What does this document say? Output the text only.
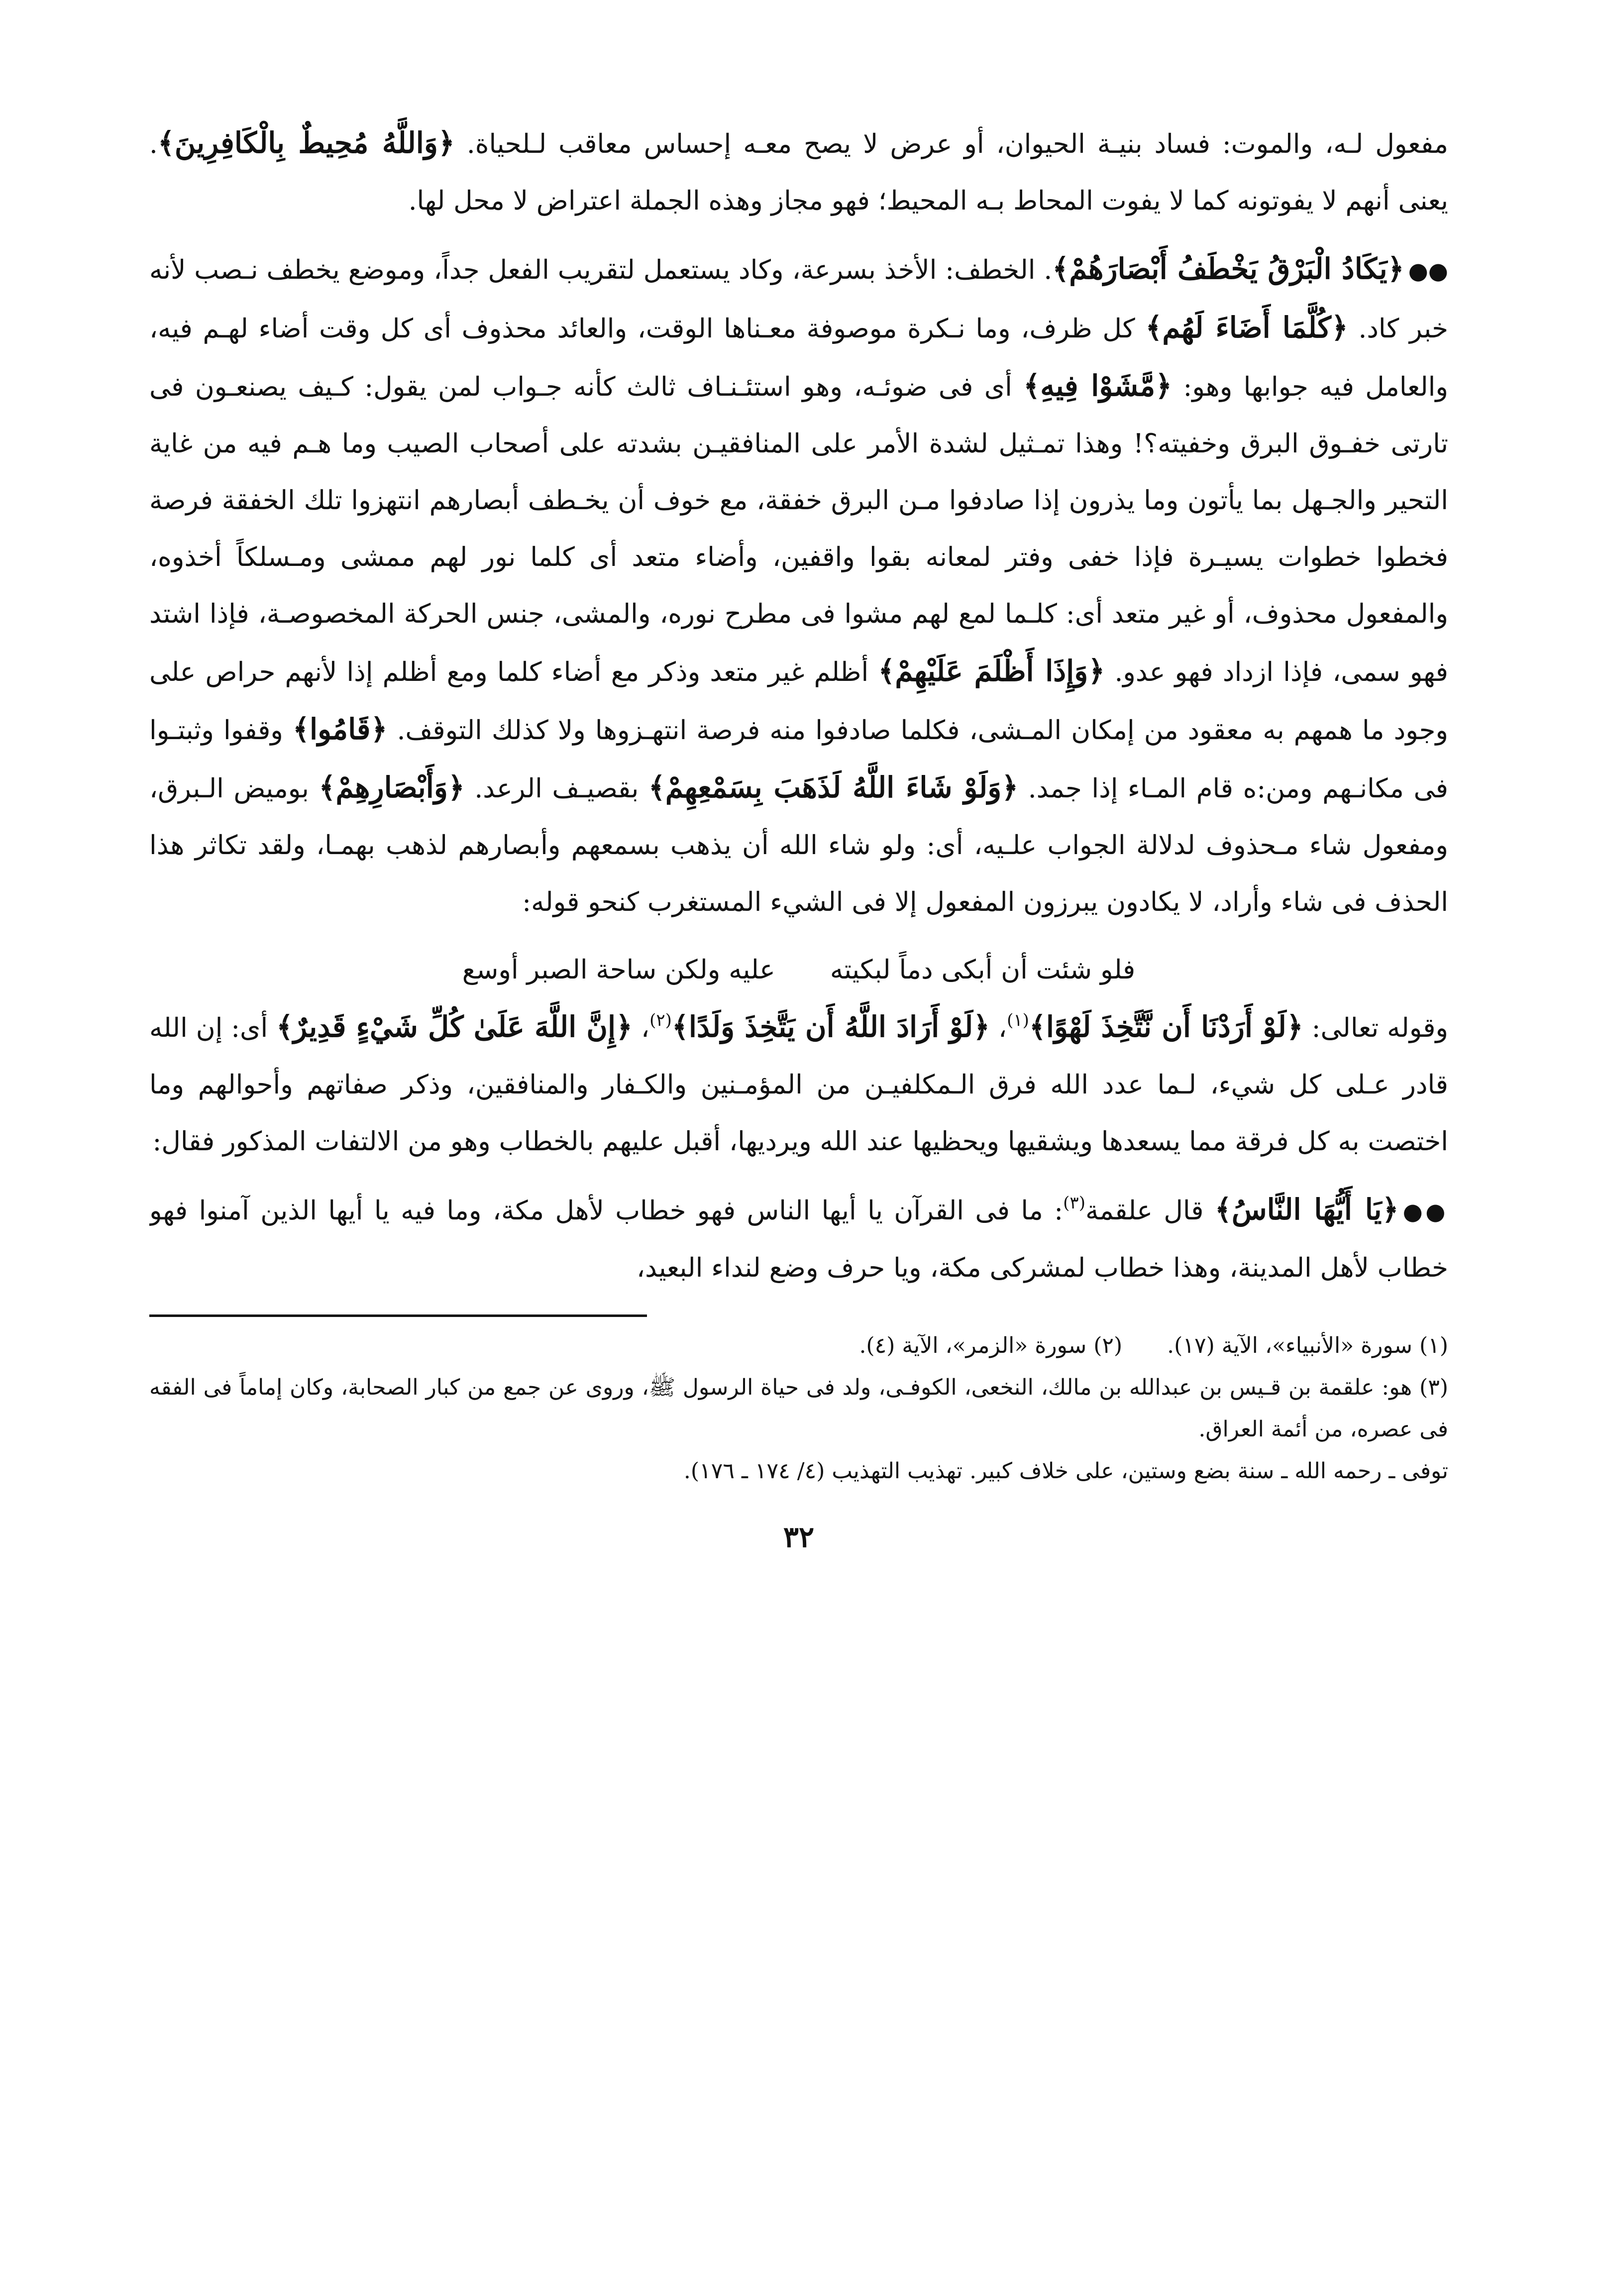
مفعول لـه، والموت: فساد بنيـة الحيوان، أو عرض لا يصح معـه إحساس معاقب لـلحياة. ﴿وَاللَّهُ مُحِيطٌ بِالْكَافِرِينَ﴾. يعنى أنهم لا يفوتونه كما لا يفوت المحاط بـه المحيط؛ فهو مجاز وهذه الجملة اعتراض لا محل لها.

●●﴿يَكَادُ الْبَرْقُ يَخْطَفُ أَبْصَارَهُمْ﴾. الخطف: الأخذ بسرعة، وكاد يستعمل لتقريب الفعل جداً، وموضع يخطف نـصب لأنه خبر كاد. ﴿كُلَّمَا أَضَاءَ لَهُم﴾ كل ظرف، وما نـكرة موصوفة معـناها الوقت، والعائد محذوف أى كل وقت أضاء لهـم فيه، والعامل فيه جوابها وهو: ﴿مَّشَوْا فِيهِ﴾ أى فى ضوئـه، وهو استئـنـاف ثالث كأنه جـواب لمن يقول: كـيف يصنعـون فى تارتى خفـوق البرق وخفيته؟! وهذا تمـثيل لشدة الأمر على المنافقيـن بشدته على أصحاب الصيب وما هـم فيه من غاية التحير والجـهل بما يأتون وما يذرون إذا صادفوا مـن البرق خفقة، مع خوف أن يخـطف أبصارهم انتهزوا تلك الخفقة فرصة فخطوا خطوات يسيـرة فإذا خفى وفتر لمعانه بقوا واقفين، وأضاء متعد أى كلما نور لهم ممشى ومـسلكاً أخذوه، والمفعول محذوف، أو غير متعد أى: كلـما لمع لهم مشوا فى مطرح نوره، والمشى، جنس الحركة المخصوصـة، فإذا اشتد فهو سمى، فإذا ازداد فهو عدو. ﴿وَإِذَا أَظْلَمَ عَلَيْهِمْ﴾ أظلم غير متعد وذكر مع أضاء كلما ومع أظلم إذا لأنهم حراص على وجود ما همهم به معقود من إمكان المـشى، فكلما صادفوا منه فرصة انتهـزوها ولا كذلك التوقف. ﴿قَامُوا﴾ وقفوا وثبتـوا فى مكانـهم ومن:ه قام المـاء إذا جمد. ﴿وَلَوْ شَاءَ اللَّهُ لَذَهَبَ بِسَمْعِهِمْ﴾ بقصيـف الرعد. ﴿وَأَبْصَارِهِمْ﴾ بوميض الـبرق، ومفعول شاء مـحذوف لدلالة الجواب علـيه، أى: ولو شاء الله أن يذهب بسمعهم وأبصارهم لذهب بهمـا، ولقد تكاثر هذا الحذف فى شاء وأراد، لا يكادون يبرزون المفعول إلا فى الشيء المستغرب كنحو قوله:

فلو شئت أن أبكى دماً لبكيته
عليه ولكن ساحة الصبر أوسع

وقوله تعالى: ﴿لَوْ أَرَدْنَا أَن نَّتَّخِذَ لَهْوًا﴾$^{(١)}$، ﴿لَوْ أَرَادَ اللَّهُ أَن يَتَّخِذَ وَلَدًا﴾$^{(٢)}$، ﴿إِنَّ اللَّهَ عَلَىٰ كُلِّ شَيْءٍ قَدِيرٌ﴾ أى: إن الله قادر عـلى كل شيء، لـما عدد الله فرق الـمكلفيـن من المؤمـنين والكـفار والمنافقين، وذكر صفاتهم وأحوالهم وما اختصت به كل فرقة مما يسعدها ويشقيها ويحظيها عند الله ويرديها، أقبل عليهم بالخطاب وهو من الالتفات المذكور فقال:

●●﴿يَا أَيُّهَا النَّاسُ﴾ قال علقمة$^{(٣)}$: ما فى القرآن يا أيها الناس فهو خطاب لأهل مكة، وما فيه يا أيها الذين آمنوا فهو خطاب لأهل المدينة، وهذا خطاب لمشركى مكة، ويا حرف وضع لنداء البعيد،

(١) سورة «الأنبياء»، الآية (١٧).
(٢) سورة «الزمر»، الآية (٤).

(٣) هو: علقمة بن قـيس بن عبدالله بن مالك، النخعى، الكوفـى، ولد فى حياة الرسول ﷺ، وروى عن جمع من كبار الصحابة، وكان إماماً فى الفقه فى عصره، من أئمة العراق.

توفى ـ رحمه الله ـ سنة بضع وستين، على خلاف كبير. تهذيب التهذيب (٤/ ١٧٤ ـ ١٧٦).

٣٢
